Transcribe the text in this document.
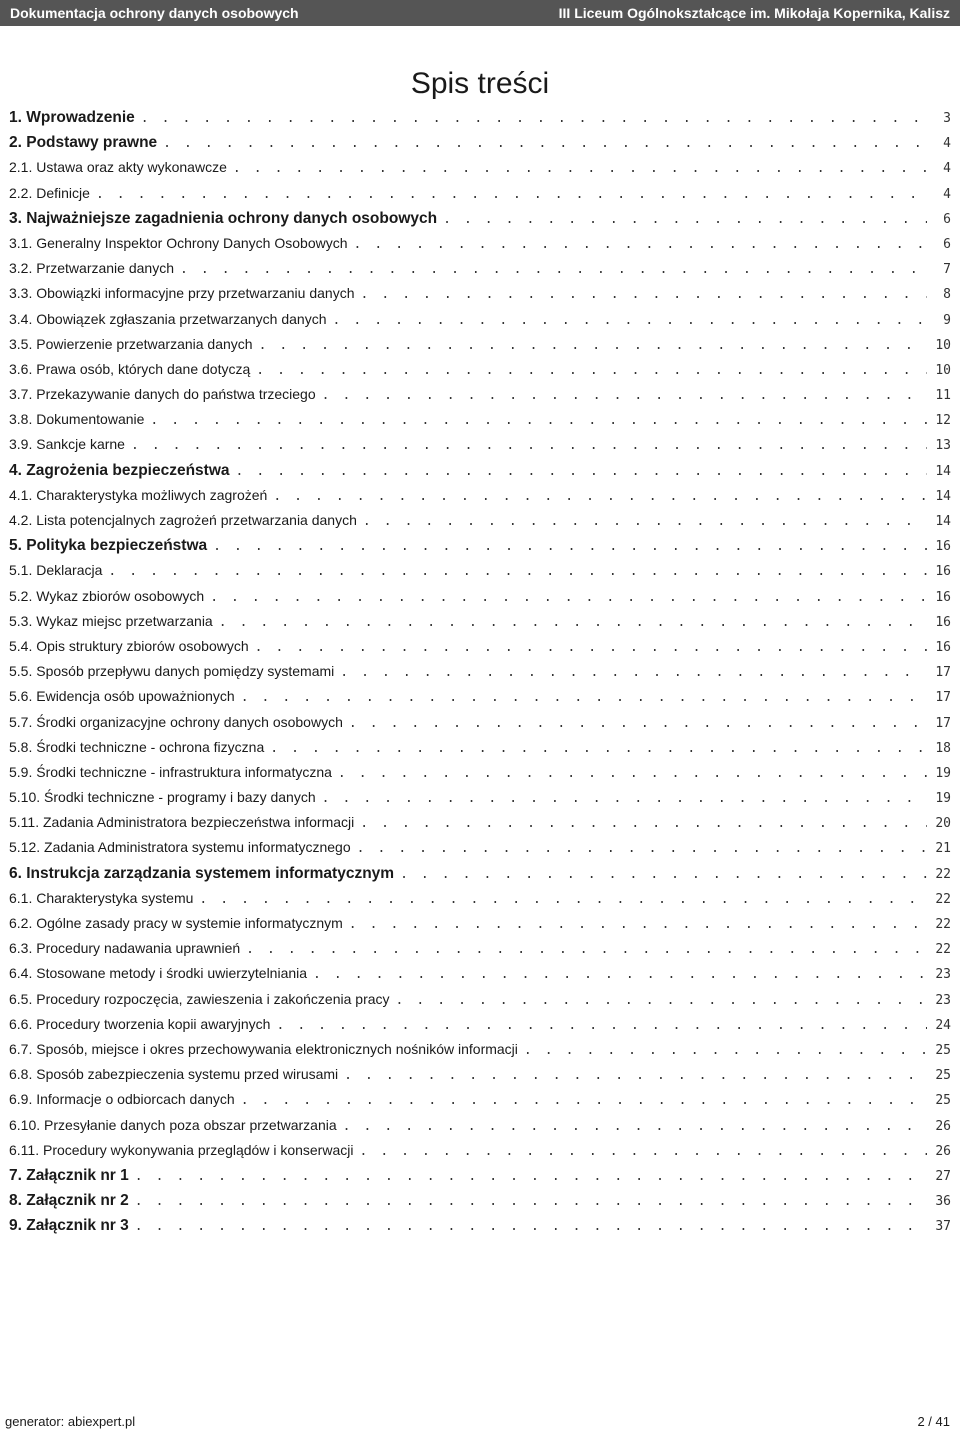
Dokumentacja ochrony danych osobowych	III Liceum Ogólnokształcące im. Mikołaja Kopernika, Kalisz
Spis treści
1. Wprowadzenie . . .	3
2. Podstawy prawne . . .	4
2.1. Ustawa oraz akty wykonawcze . . .	4
2.2. Definicje . . .	4
3. Najważniejsze zagadnienia ochrony danych osobowych . . .	6
3.1. Generalny Inspektor Ochrony Danych Osobowych . . .	6
3.2. Przetwarzanie danych . . .	7
3.3. Obowiązki informacyjne przy przetwarzaniu danych . . .	8
3.4. Obowiązek zgłaszania przetwarzanych danych . . .	9
3.5. Powierzenie przetwarzania danych . . .	10
3.6. Prawa osób, których dane dotyczą . . .	10
3.7. Przekazywanie danych do państwa trzeciego . . .	11
3.8. Dokumentowanie . . .	12
3.9. Sankcje karne . . .	13
4. Zagrożenia bezpieczeństwa . . .	14
4.1. Charakterystyka możliwych zagrożeń . . .	14
4.2. Lista potencjalnych zagrożeń przetwarzania danych . . .	14
5. Polityka bezpieczeństwa . . .	16
5.1. Deklaracja . . .	16
5.2. Wykaz zbiorów osobowych . . .	16
5.3. Wykaz miejsc przetwarzania . . .	16
5.4. Opis struktury zbiorów osobowych . . .	16
5.5. Sposób przepływu danych pomiędzy systemami . . .	17
5.6. Ewidencja osób upoważnionych . . .	17
5.7. Środki organizacyjne ochrony danych osobowych . . .	17
5.8. Środki techniczne - ochrona fizyczna . . .	18
5.9. Środki techniczne - infrastruktura informatyczna . . .	19
5.10. Środki techniczne - programy i bazy danych . . .	19
5.11. Zadania Administratora bezpieczeństwa informacji . . .	20
5.12. Zadania Administratora systemu informatycznego . . .	21
6. Instrukcja zarządzania systemem informatycznym . . .	22
6.1. Charakterystyka systemu . . .	22
6.2. Ogólne zasady pracy w systemie informatycznym . . .	22
6.3. Procedury nadawania uprawnień . . .	22
6.4. Stosowane metody i środki uwierzytelniania . . .	23
6.5. Procedury rozpoczęcia, zawieszenia i zakończenia pracy . . .	23
6.6. Procedury tworzenia kopii awaryjnych . . .	24
6.7. Sposób, miejsce i okres przechowywania elektronicznych nośników informacji . . .	25
6.8. Sposób zabezpieczenia systemu przed wirusami . . .	25
6.9. Informacje o odbiorcach danych . . .	25
6.10. Przesyłanie danych poza obszar przetwarzania . . .	26
6.11. Procedury wykonywania przeglądów i konserwacji . . .	26
7. Załącznik nr 1 . . .	27
8. Załącznik nr 2 . . .	36
9. Załącznik nr 3 . . .	37
generator: abiexpert.pl	2 / 41
